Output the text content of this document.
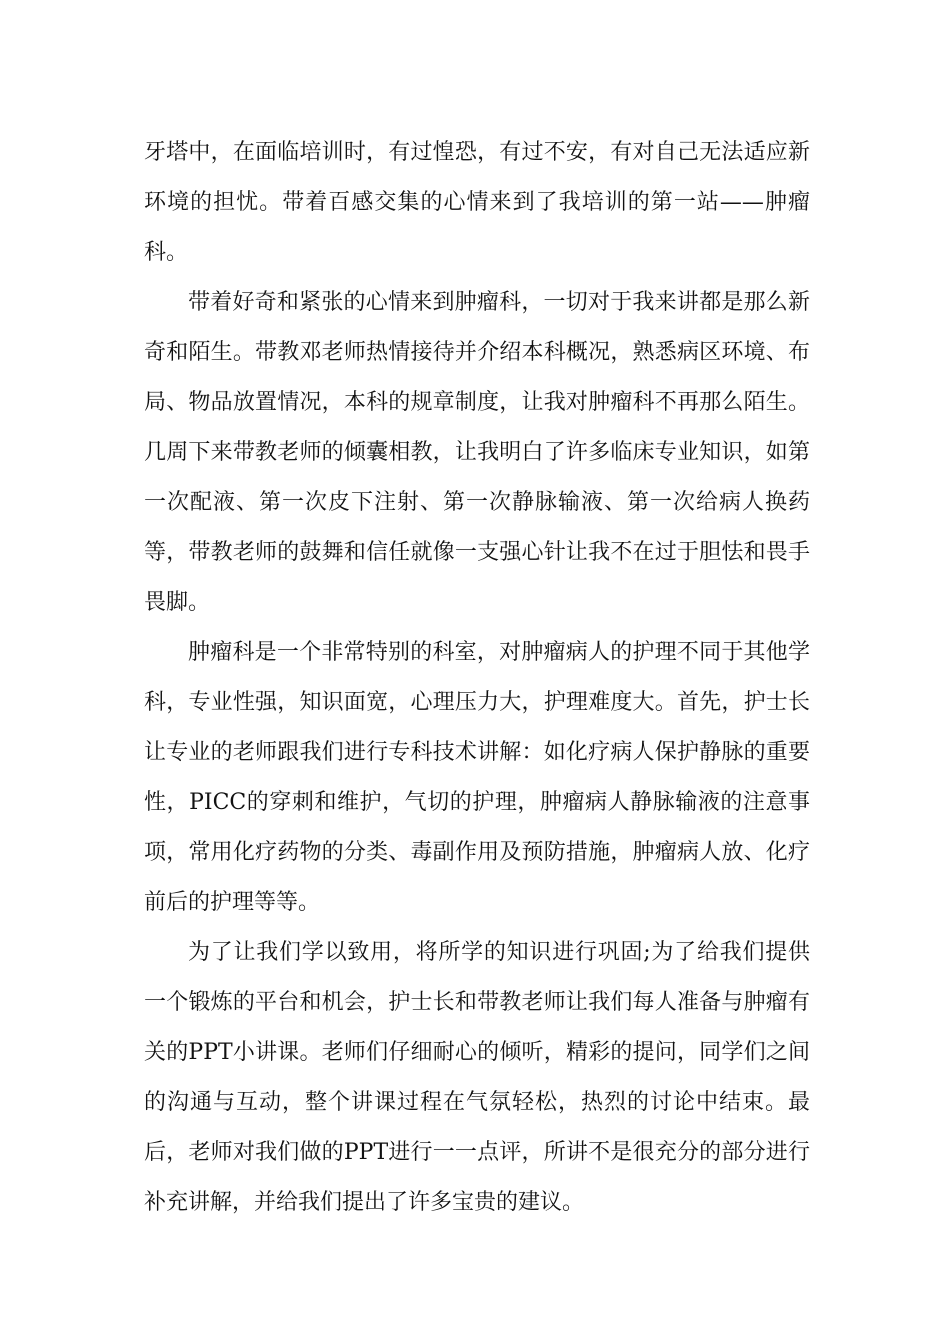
牙塔中，在面临培训时，有过惶恐，有过不安，有对自己无法适应新环境的担忧。带着百感交集的心情来到了我培训的第一站——肿瘤科。

带着好奇和紧张的心情来到肿瘤科，一切对于我来讲都是那么新奇和陌生。带教邓老师热情接待并介绍本科概况，熟悉病区环境、布局、物品放置情况，本科的规章制度，让我对肿瘤科不再那么陌生。几周下来带教老师的倾囊相教，让我明白了许多临床专业知识，如第一次配液、第一次皮下注射、第一次静脉输液、第一次给病人换药等，带教老师的鼓舞和信任就像一支强心针让我不在过于胆怯和畏手畏脚。

肿瘤科是一个非常特别的科室，对肿瘤病人的护理不同于其他学科，专业性强，知识面宽，心理压力大，护理难度大。首先，护士长让专业的老师跟我们进行专科技术讲解：如化疗病人保护静脉的重要性，PICC的穿刺和维护，气切的护理，肿瘤病人静脉输液的注意事项，常用化疗药物的分类、毒副作用及预防措施，肿瘤病人放、化疗前后的护理等等。

为了让我们学以致用，将所学的知识进行巩固;为了给我们提供一个锻炼的平台和机会，护士长和带教老师让我们每人准备与肿瘤有关的PPT小讲课。老师们仔细耐心的倾听，精彩的提问，同学们之间的沟通与互动，整个讲课过程在气氛轻松，热烈的讨论中结束。最后，老师对我们做的PPT进行一一点评，所讲不是很充分的部分进行补充讲解，并给我们提出了许多宝贵的建议。
